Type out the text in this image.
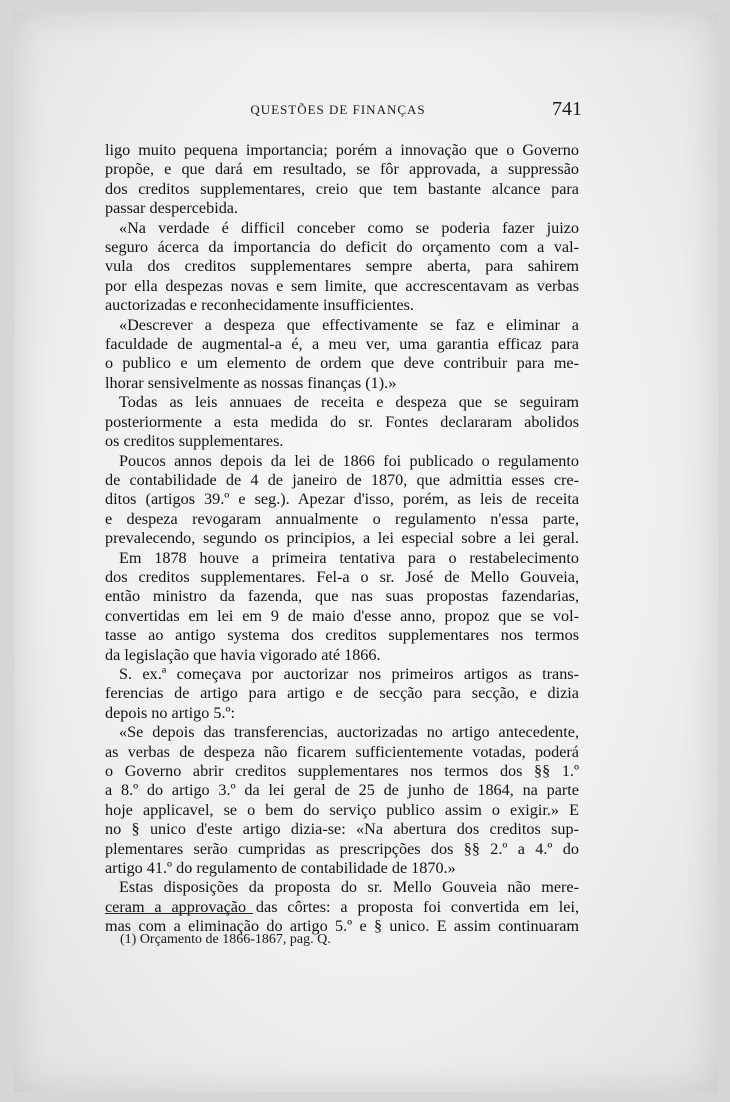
QUESTÕES DE FINANÇAS	741
ligo muito pequena importancia; porém a innovação que o Governo
propõe, e que dará em resultado, se fôr approvada, a suppressão
dos creditos supplementares, creio que tem bastante alcance para
passar despercebida.
«Na verdade é difficil conceber como se poderia fazer juizo
seguro ácerca da importancia do deficit do orçamento com a val-
vula dos creditos supplementares sempre aberta, para sahirem
por ella despezas novas e sem limite, que accrescentavam as verbas
auctorizadas e reconhecidamente insufficientes.
«Descrever a despeza que effectivamente se faz e eliminar a
faculdade de augmental-a é, a meu ver, uma garantia efficaz para
o publico e um elemento de ordem que deve contribuir para me-
lhorar sensivelmente as nossas finanças (1).»
Todas as leis annuaes de receita e despeza que se seguiram
posteriormente a esta medida do sr. Fontes declararam abolidos
os creditos supplementares.
Poucos annos depois da lei de 1866 foi publicado o regulamento
de contabilidade de 4 de janeiro de 1870, que admittia esses cre-
ditos (artigos 39.º e seg.). Apezar d'isso, porém, as leis de receita
e despeza revogaram annualmente o regulamento n'essa parte,
prevalecendo, segundo os principios, a lei especial sobre a lei geral.
Em 1878 houve a primeira tentativa para o restabelecimento
dos creditos supplementares. Fel-a o sr. José de Mello Gouveia,
então ministro da fazenda, que nas suas propostas fazendarias,
convertidas em lei em 9 de maio d'esse anno, propoz que se vol-
tasse ao antigo systema dos creditos supplementares nos termos
da legislação que havia vigorado até 1866.
S. ex.ª começava por auctorizar nos primeiros artigos as trans-
ferencias de artigo para artigo e de secção para secção, e dizia
depois no artigo 5.º:
«Se depois das transferencias, auctorizadas no artigo antecedente,
as verbas de despeza não ficarem sufficientemente votadas, poderá
o Governo abrir creditos supplementares nos termos dos §§ 1.º
a 8.º do artigo 3.º da lei geral de 25 de junho de 1864, na parte
hoje applicavel, se o bem do serviço publico assim o exigir.» E
no § unico d'este artigo dizia-se: «Na abertura dos creditos sup-
plementares serão cumpridas as prescripções dos §§ 2.º a 4.º do
artigo 41.º do regulamento de contabilidade de 1870.»
Estas disposições da proposta do sr. Mello Gouveia não mere-
ceram a approvação das côrtes: a proposta foi convertida em lei,
mas com a eliminação do artigo 5.º e § unico. E assim continuaram
(1) Orçamento de 1866-1867, pag. Q.
